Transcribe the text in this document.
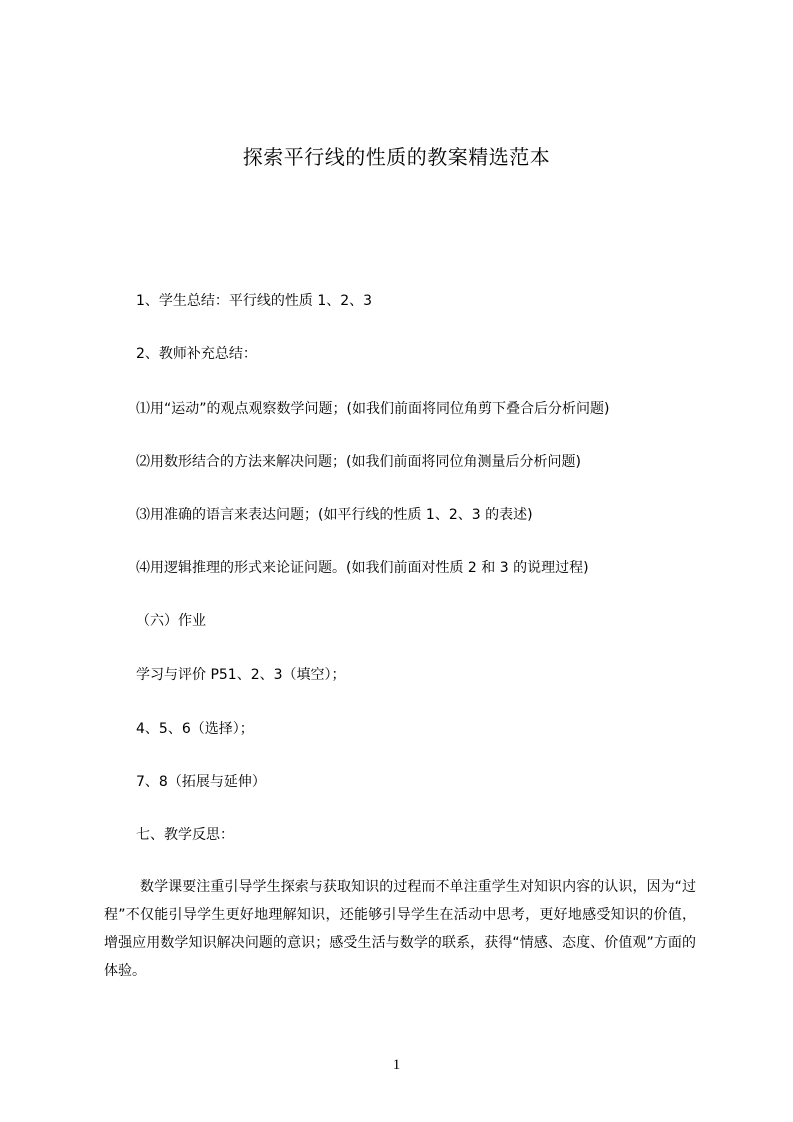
探索平行线的性质的教案精选范本
1、学生总结：平行线的性质 1、2、3
2、教师补充总结：
⑴用“运动”的观点观察数学问题；(如我们前面将同位角剪下叠合后分析问题)
⑵用数形结合的方法来解决问题；(如我们前面将同位角测量后分析问题)
⑶用准确的语言来表达问题；(如平行线的性质 1、2、3 的表述)
⑷用逻辑推理的形式来论证问题。(如我们前面对性质 2 和 3 的说理过程)
（六）作业
学习与评价 P51、2、3（填空）；
4、5、6（选择）；
7、8（拓展与延伸）
七、教学反思：
数学课要注重引导学生探索与获取知识的过程而不单注重学生对知识内容的认识，因为“过程”不仅能引导学生更好地理解知识，还能够引导学生在活动中思考，更好地感受知识的价值，增强应用数学知识解决问题的意识；感受生活与数学的联系，获得“情感、态度、价值观”方面的体验。
1
